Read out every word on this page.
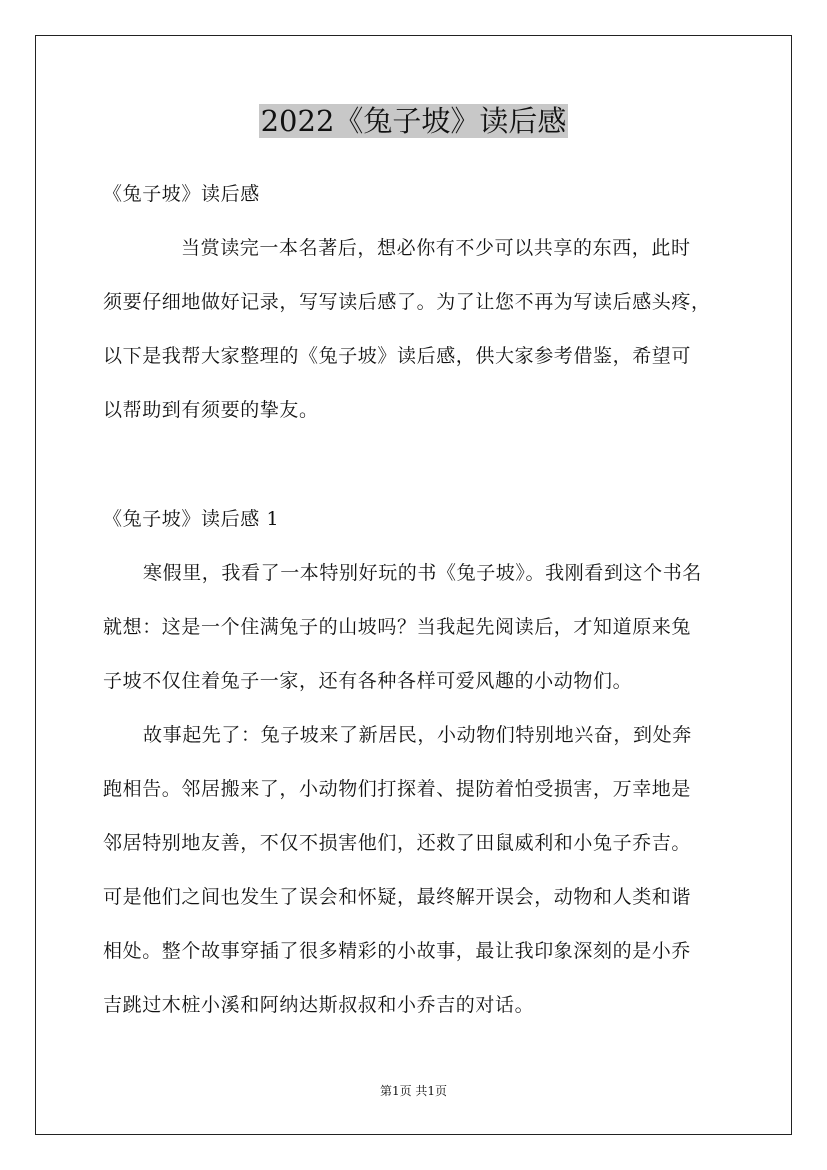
2022《兔子坡》读后感
《兔子坡》读后感
当赏读完一本名著后，想必你有不少可以共享的东西，此时
须要仔细地做好记录，写写读后感了。为了让您不再为写读后感头疼，
以下是我帮大家整理的《兔子坡》读后感，供大家参考借鉴，希望可
以帮助到有须要的挚友。
《兔子坡》读后感 1
寒假里，我看了一本特别好玩的书《兔子坡》。我刚看到这个书名
就想：这是一个住满兔子的山坡吗？当我起先阅读后，才知道原来兔
子坡不仅住着兔子一家，还有各种各样可爱风趣的小动物们。
故事起先了：兔子坡来了新居民，小动物们特别地兴奋，到处奔
跑相告。邻居搬来了，小动物们打探着、提防着怕受损害，万幸地是
邻居特别地友善，不仅不损害他们，还救了田鼠威利和小兔子乔吉。
可是他们之间也发生了误会和怀疑，最终解开误会，动物和人类和谐
相处。整个故事穿插了很多精彩的小故事，最让我印象深刻的是小乔
吉跳过木桩小溪和阿纳达斯叔叔和小乔吉的对话。
第1页 共1页
